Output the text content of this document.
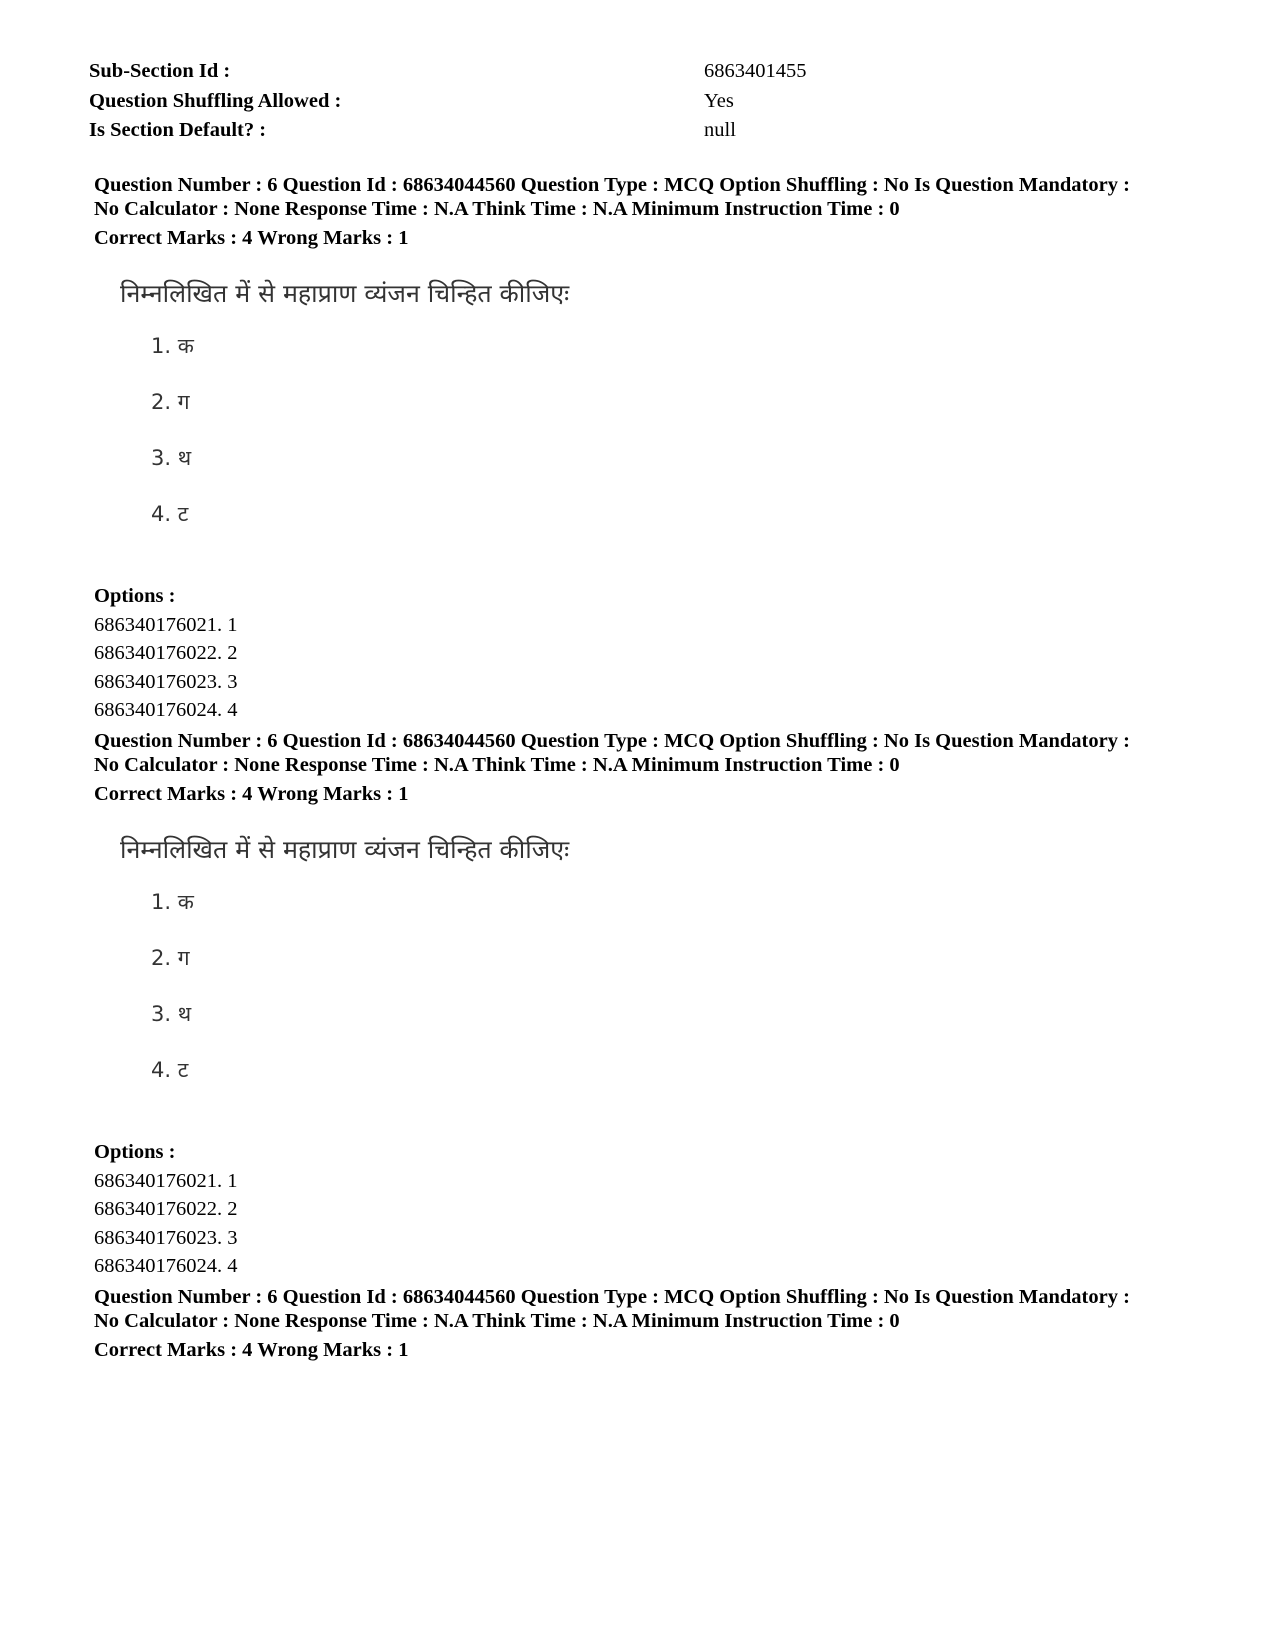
Sub-Section Id :	6863401455
Question Shuffling Allowed :	Yes
Is Section Default? :	null
Question Number : 6 Question Id : 68634044560 Question Type : MCQ Option Shuffling : No Is Question Mandatory :
No Calculator : None Response Time : N.A Think Time : N.A Minimum Instruction Time : 0
Correct Marks : 4 Wrong Marks : 1
निम्नलिखित में से महाप्राण व्यंजन चिन्हित कीजिएः
1. क
2. ग
3. थ
4. ट
Options :
686340176021. 1
686340176022. 2
686340176023. 3
686340176024. 4
Question Number : 6 Question Id : 68634044560 Question Type : MCQ Option Shuffling : No Is Question Mandatory :
No Calculator : None Response Time : N.A Think Time : N.A Minimum Instruction Time : 0
Correct Marks : 4 Wrong Marks : 1
निम्नलिखित में से महाप्राण व्यंजन चिन्हित कीजिएः
1. क
2. ग
3. थ
4. ट
Options :
686340176021. 1
686340176022. 2
686340176023. 3
686340176024. 4
Question Number : 6 Question Id : 68634044560 Question Type : MCQ Option Shuffling : No Is Question Mandatory :
No Calculator : None Response Time : N.A Think Time : N.A Minimum Instruction Time : 0
Correct Marks : 4 Wrong Marks : 1
